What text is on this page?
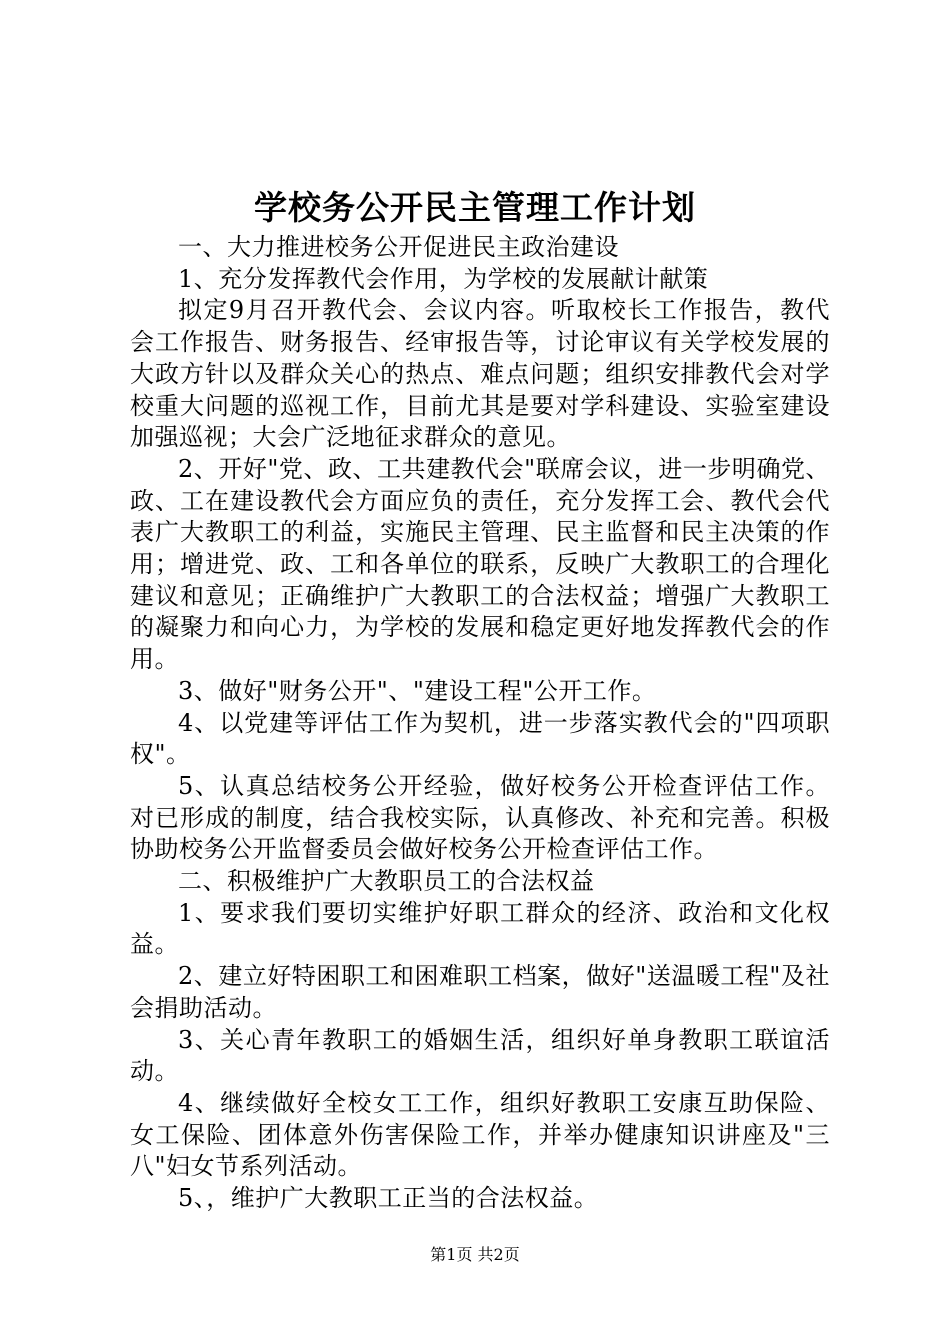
学校务公开民主管理工作计划

一、大力推进校务公开促进民主政治建设

1、充分发挥教代会作用，为学校的发展献计献策

拟定9月召开教代会、会议内容。听取校长工作报告，教代会工作报告、财务报告、经审报告等，讨论审议有关学校发展的大政方针以及群众关心的热点、难点问题；组织安排教代会对学校重大问题的巡视工作，目前尤其是要对学科建设、实验室建设加强巡视；大会广泛地征求群众的意见。

2、开好"党、政、工共建教代会"联席会议，进一步明确党、政、工在建设教代会方面应负的责任，充分发挥工会、教代会代表广大教职工的利益，实施民主管理、民主监督和民主决策的作用；增进党、政、工和各单位的联系，反映广大教职工的合理化建议和意见；正确维护广大教职工的合法权益；增强广大教职工的凝聚力和向心力，为学校的发展和稳定更好地发挥教代会的作用。

3、做好"财务公开"、"建设工程"公开工作。

4、以党建等评估工作为契机，进一步落实教代会的"四项职权"。

5、认真总结校务公开经验，做好校务公开检查评估工作。对已形成的制度，结合我校实际，认真修改、补充和完善。积极协助校务公开监督委员会做好校务公开检查评估工作。

二、积极维护广大教职员工的合法权益

1、要求我们要切实维护好职工群众的经济、政治和文化权益。

2、建立好特困职工和困难职工档案，做好"送温暖工程"及社会捐助活动。

3、关心青年教职工的婚姻生活，组织好单身教职工联谊活动。

4、继续做好全校女工工作，组织好教职工安康互助保险、女工保险、团体意外伤害保险工作，并举办健康知识讲座及"三八"妇女节系列活动。

5、，维护广大教职工正当的合法权益。

第1页 共2页
